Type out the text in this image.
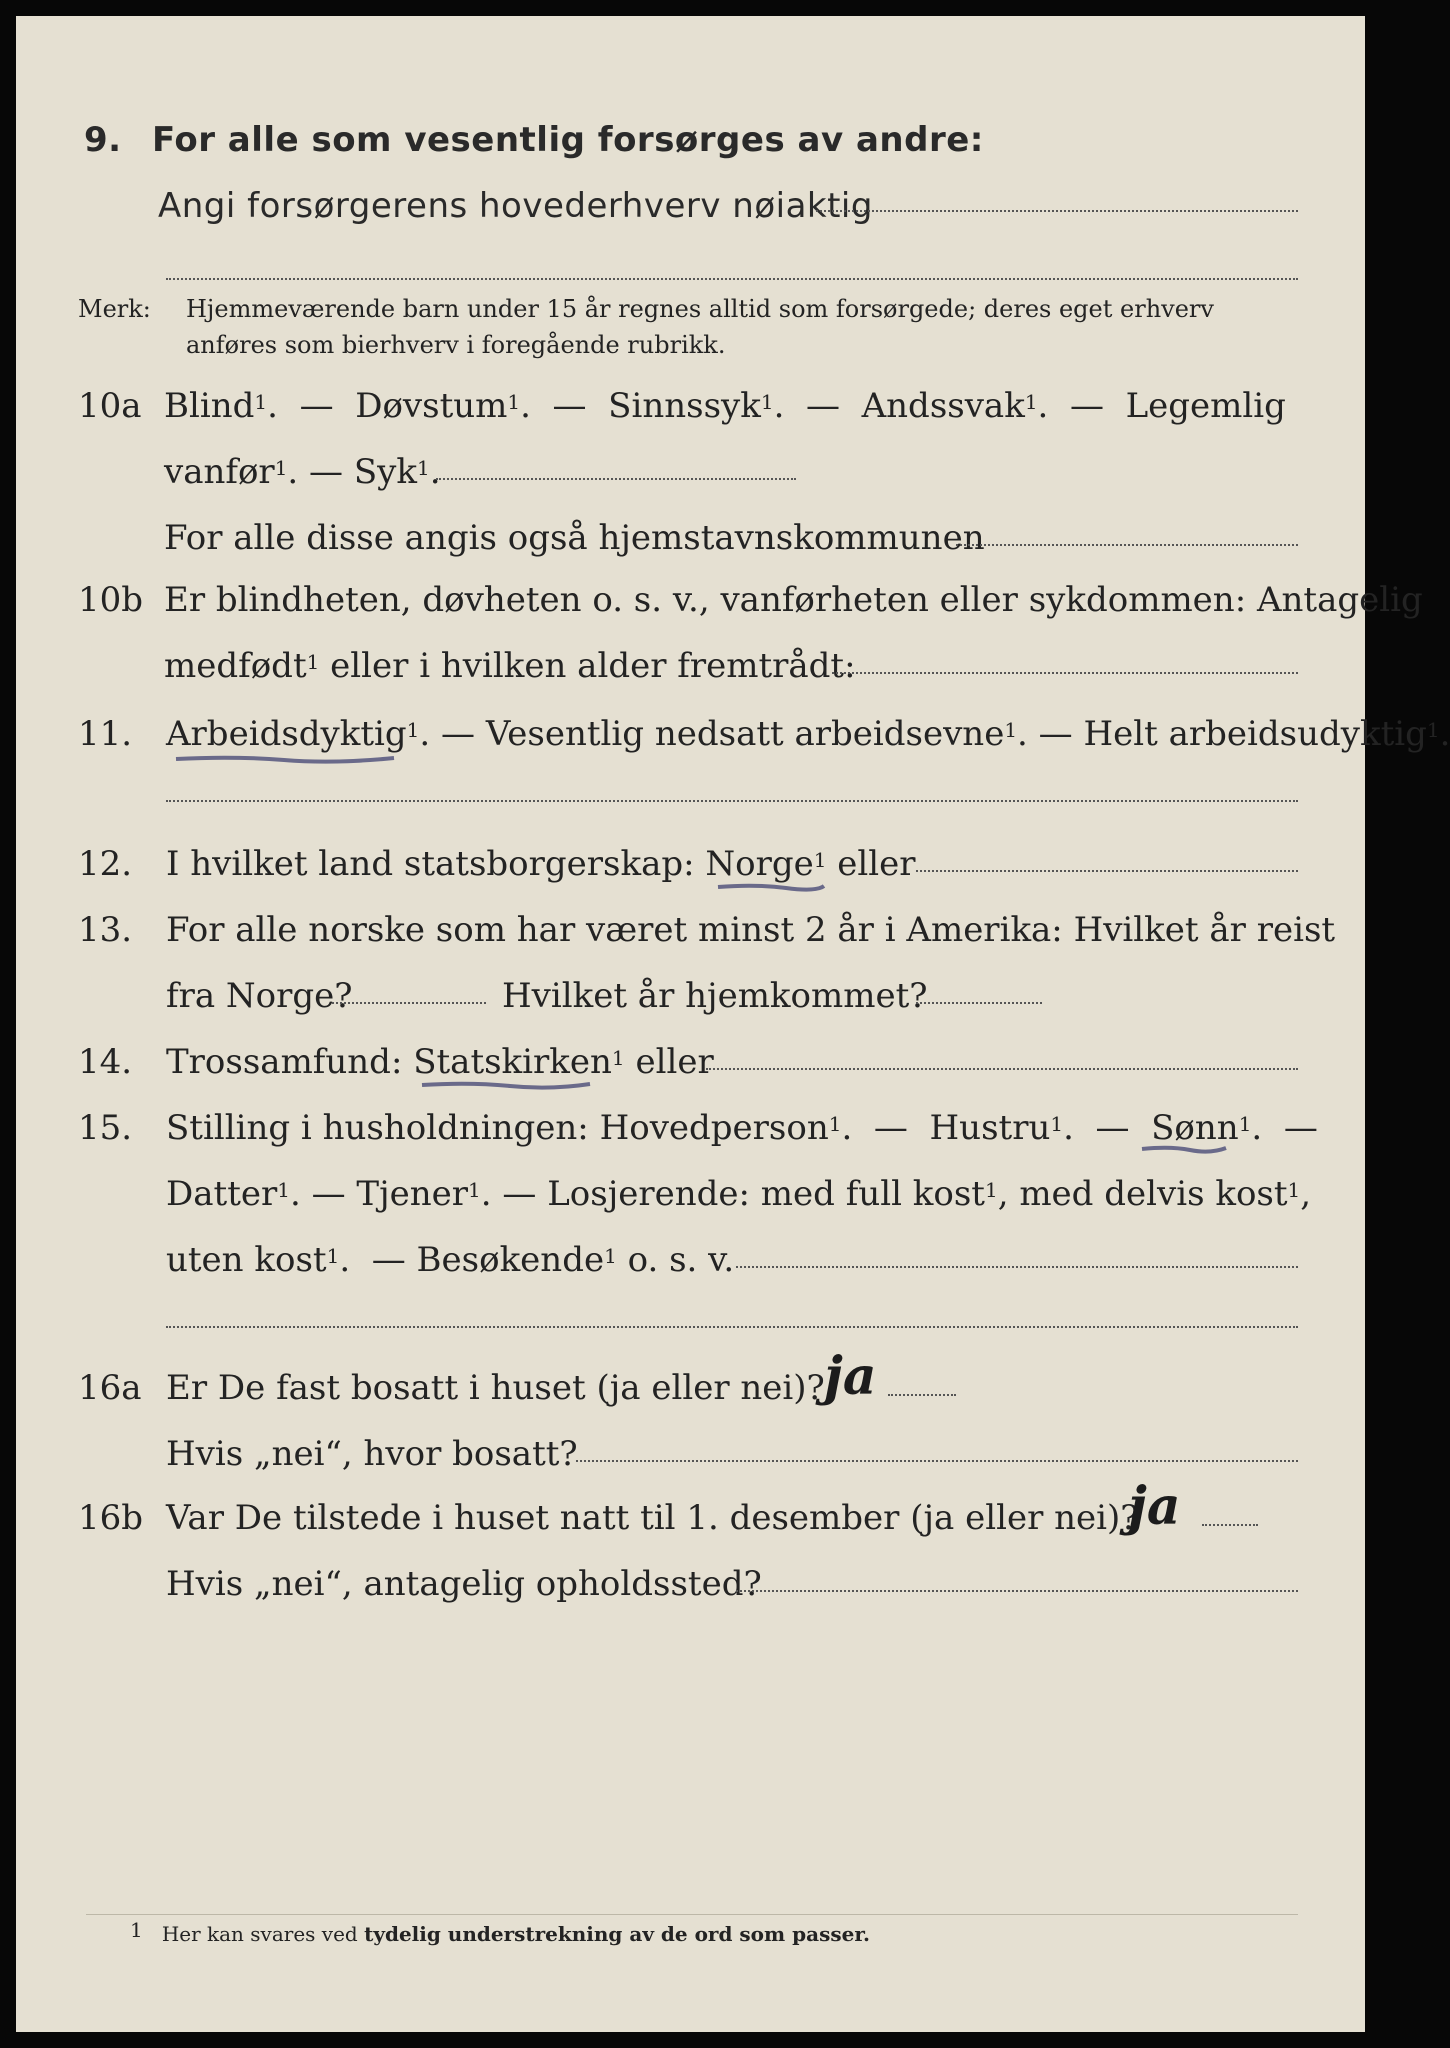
9. For alle som vesentlig forsørges av andre:
Angi forsørgerens hovederhverv nøiaktig
Merk: Hjemmeværende barn under 15 år regnes alltid som forsørgede; deres eget erhverv
anføres som bierhverv i foregående rubrikk.
10a Blind$^1$.  —  Døvstum$^1$.  —  Sinnssyk$^1$.  —  Andssvak$^1$.  —  Legemlig
vanfør$^1$. — Syk$^1$.
For alle disse angis også hjemstavnskommunen
10b Er blindheten, døvheten o. s. v., vanførheten eller sykdommen: Antagelig
medfødt$^1$ eller i hvilken alder fremtrådt:
11. Arbeidsdyktig$^1$. — Vesentlig nedsatt arbeidsevne$^1$. — Helt arbeidsudyktig$^1$.
12. I hvilket land statsborgerskap: Norge$^1$ eller
13. For alle norske som har været minst 2 år i Amerika: Hvilket år reist
fra Norge?	Hvilket år hjemkommet?
14. Trossamfund: Statskirken$^1$ eller
15. Stilling i husholdningen: Hovedperson$^1$.  —  Hustru$^1$.  —  Sønn$^1$.  —
Datter$^1$. — Tjener$^1$. — Losjerende: med full kost$^1$, med delvis kost$^1$,
uten kost$^1$.  — Besøkende$^1$ o. s. v.
16a Er De fast bosatt i huset (ja eller nei)? ja
Hvis „nei“, hvor bosatt?
16b Var De tilstede i huset natt til 1. desember (ja eller nei)?
ja
Hvis „nei“, antagelig opholdssted?
$^1$ Her kan svares ved tydelig understrekning av de ord som passer.
